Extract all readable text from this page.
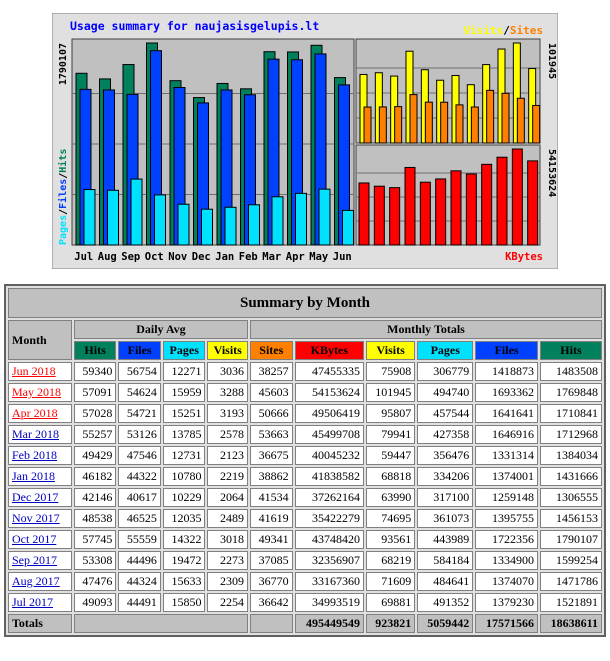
Usage summary for naujasisgelupis.lt	Visits/Sites
1790107
Pages/Files/Hits
Jul Aug Sep Oct Nov Dec Jan Feb Mar Apr May Jun
101945
54153624
KBytes
Summary by Month										
Month	Daily Avg				Monthly Totals					
	Hits	Files	Pages	Visits	Sites	KBytes	Visits	Pages	Files	Hits
Jun 2018	59340	56754	12271	3036	38257	47455335	75908	306779	1418873	1483508
May 2018	57091	54624	15959	3288	45603	54153624	101945	494740	1693362	1769848
Apr 2018	57028	54721	15251	3193	50666	49506419	95807	457544	1641641	1710841
Mar 2018	55257	53126	13785	2578	53663	45499708	79941	427358	1646916	1712968
Feb 2018	49429	47546	12731	2123	36675	40045232	59447	356476	1331314	1384034
Jan 2018	46182	44322	10780	2219	38862	41838582	68818	334206	1374001	1431666
Dec 2017	42146	40617	10229	2064	41534	37262164	63990	317100	1259148	1306555
Nov 2017	48538	46525	12035	2489	41619	35422279	74695	361073	1395755	1456153
Oct 2017	57745	55559	14322	3018	49341	43748420	93561	443989	1722356	1790107
Sep 2017	53308	44496	19472	2273	37085	32356907	68219	584184	1334900	1599254
Aug 2017	47476	44324	15633	2309	36770	33167360	71609	484641	1374070	1471786
Jul 2017	49093	44491	15850	2254	36642	34993519	69881	491352	1379230	1521891
Totals						495449549	923821	5059442	17571566	18638611
